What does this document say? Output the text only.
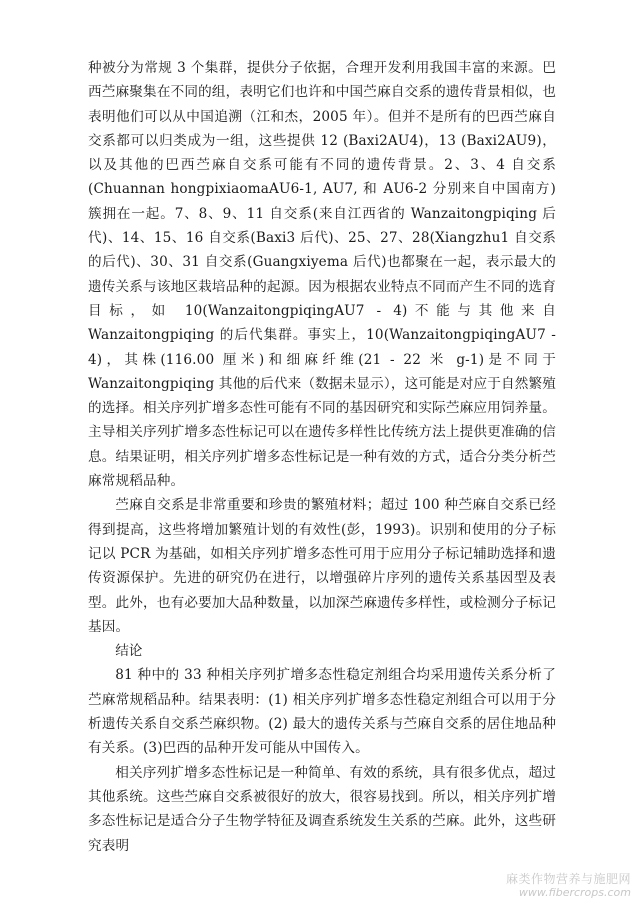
种被分为常规 3 个集群，提供分子依据，合理开发利用我国丰富的来源。巴西苎麻聚集在不同的组，表明它们也许和中国苎麻自交系的遗传背景相似，也表明他们可以从中国追溯（江和杰，2005 年）。但并不是所有的巴西苎麻自交系都可以归类成为一组，这些提供 12 (Baxi2AU4)，13 (Baxi2AU9)，以及其他的巴西苎麻自交系可能有不同的遗传背景。2、3、4 自交系(Chuannan hongpixiaomaAU6-1, AU7, 和 AU6-2 分别来自中国南方) 簇拥在一起。7、8、9、11 自交系(来自江西省的 Wanzaitongpiqing 后代)、14、15、16 自交系(Baxi3 后代)、25、27、28(Xiangzhu1 自交系的后代)、30、31 自交系(Guangxiyema 后代)也都聚在一起，表示最大的遗传关系与该地区栽培品种的起源。因为根据农业特点不同而产生不同的选育目标，如 10(WanzaitongpiqingAU7 - 4)不能与其他来自 Wanzaitongpiqing 的后代集群。事实上，10(WanzaitongpiqingAU7 - 4)，其株(116.00 厘米)和细麻纤维(21 - 22 米 g-1)是不同于 Wanzaitongpiqing 其他的后代来（数据未显示），这可能是对应于自然繁殖的选择。相关序列扩增多态性可能有不同的基因研究和实际苎麻应用饲养量。主导相关序列扩增多态性标记可以在遗传多样性比传统方法上提供更准确的信息。结果证明，相关序列扩增多态性标记是一种有效的方式，适合分类分析苎麻常规稻品种。

苎麻自交系是非常重要和珍贵的繁殖材料；超过 100 种苎麻自交系已经得到提高，这些将增加繁殖计划的有效性(彭，1993)。识别和使用的分子标记以 PCR 为基础，如相关序列扩增多态性可用于应用分子标记辅助选择和遗传资源保护。先进的研究仍在进行，以增强碎片序列的遗传关系基因型及表型。此外，也有必要加大品种数量，以加深苎麻遗传多样性，或检测分子标记基因。

结论

81 种中的 33 种相关序列扩增多态性稳定剂组合均采用遗传关系分析了苎麻常规稻品种。结果表明：(1) 相关序列扩增多态性稳定剂组合可以用于分析遗传关系自交系苎麻织物。(2) 最大的遗传关系与苎麻自交系的居住地品种有关系。(3)巴西的品种开发可能从中国传入。

相关序列扩增多态性标记是一种简单、有效的系统，具有很多优点，超过其他系统。这些苎麻自交系被很好的放大，很容易找到。所以，相关序列扩增多态性标记是适合分子生物学特征及调查系统发生关系的苎麻。此外，这些研究表明

麻类作物营养与施肥网
www.fibercrops.com
